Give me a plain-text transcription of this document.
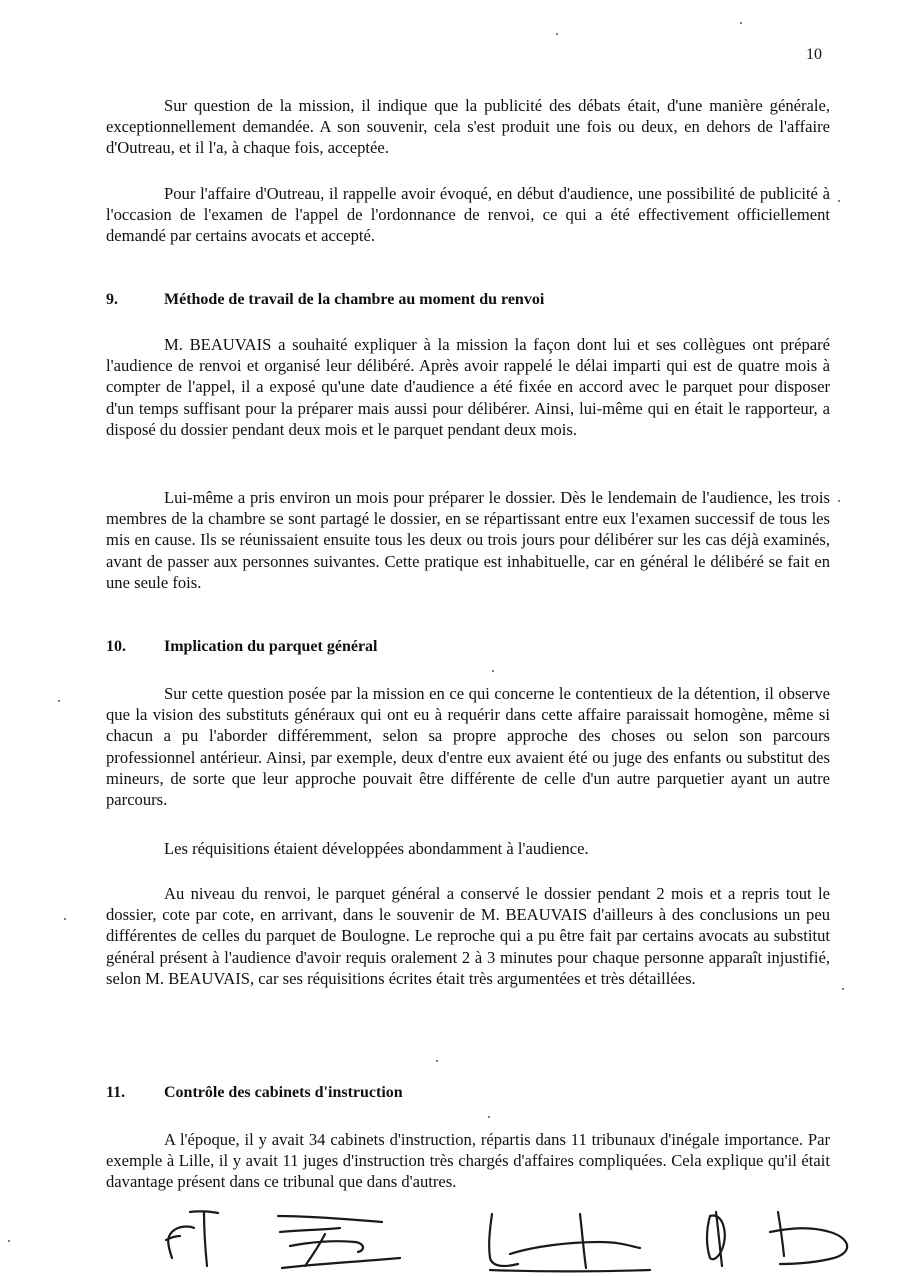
10

Sur question de la mission, il indique que la publicité des débats était, d'une manière générale, exceptionnellement demandée. A son souvenir, cela s'est produit une fois ou deux, en dehors de l'affaire d'Outreau, et il l'a, à chaque fois, acceptée.

Pour l'affaire d'Outreau, il rappelle avoir évoqué, en début d'audience, une possibilité de publicité à l'occasion de l'examen de l'appel de l'ordonnance de renvoi, ce qui a été effectivement officiellement demandé par certains avocats et accepté.

9.	Méthode de travail de la chambre au moment du renvoi

M. BEAUVAIS a souhaité expliquer à la mission la façon dont lui et ses collègues ont préparé l'audience de renvoi et organisé leur délibéré. Après avoir rappelé le délai imparti qui est de quatre mois à compter de l'appel, il a exposé qu'une date d'audience a été fixée en accord avec le parquet pour disposer d'un temps suffisant pour la préparer mais aussi pour délibérer. Ainsi, lui-même qui en était le rapporteur, a disposé du dossier pendant deux mois et le parquet pendant deux mois.

Lui-même a pris environ un mois pour préparer le dossier. Dès le lendemain de l'audience, les trois membres de la chambre se sont partagé le dossier, en se répartissant entre eux l'examen successif de tous les mis en cause. Ils se réunissaient ensuite tous les deux ou trois jours pour délibérer sur les cas déjà examinés, avant de passer aux personnes suivantes. Cette pratique est inhabituelle, car en général le délibéré se fait en une seule fois.

10. Implication du parquet général

Sur cette question posée par la mission en ce qui concerne le contentieux de la détention, il observe que la vision des substituts généraux qui ont eu à requérir dans cette affaire paraissait homogène, même si chacun a pu l'aborder différemment, selon sa propre approche des choses ou selon son parcours professionnel antérieur. Ainsi, par exemple, deux d'entre eux avaient été ou juge des enfants ou substitut des mineurs, de sorte que leur approche pouvait être différente de celle d'un autre parquetier ayant un autre parcours.

Les réquisitions étaient développées abondamment à l'audience.

Au niveau du renvoi, le parquet général a conservé le dossier pendant 2 mois et a repris tout le dossier, cote par cote, en arrivant, dans le souvenir de M. BEAUVAIS d'ailleurs à des conclusions un peu différentes de celles du parquet de Boulogne. Le reproche qui a pu être fait par certains avocats au substitut général présent à l'audience d'avoir requis oralement 2 à 3 minutes pour chaque personne apparaît injustifié, selon M. BEAUVAIS, car ses réquisitions écrites était très argumentées et très détaillées.

11. Contrôle des cabinets d'instruction

A l'époque, il y avait 34 cabinets d'instruction, répartis dans 11 tribunaux d'inégale importance. Par exemple à Lille, il y avait 11 juges d'instruction très chargés d'affaires compliquées. Cela explique qu'il était davantage présent dans ce tribunal que dans d'autres.
